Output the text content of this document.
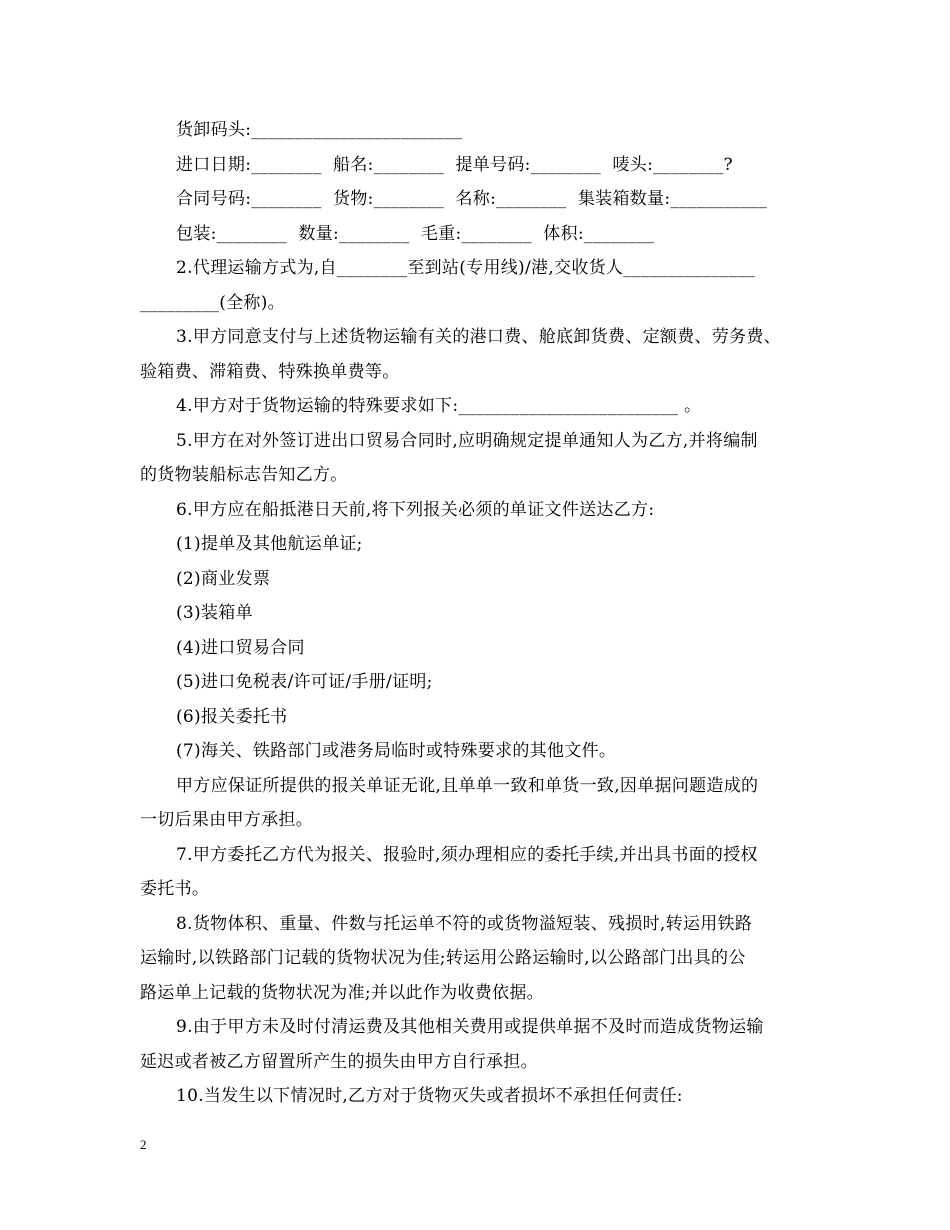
货卸码头:________________________
进口日期:________  船名:________  提单号码:________  唛头:________?
合同号码:________  货物:________  名称:________  集装箱数量:___________
包装:________  数量:________  毛重:________  体积:________
2.代理运输方式为,自________至到站(专用线)/港,交收货人_______________
_________(全称)。
3.甲方同意支付与上述货物运输有关的港口费、舱底卸货费、定额费、劳务费、
验箱费、滞箱费、特殊换单费等。
4.甲方对于货物运输的特殊要求如下:_________________________ 。
5.甲方在对外签订进出口贸易合同时,应明确规定提单通知人为乙方,并将编制
的货物装船标志告知乙方。
6.甲方应在船抵港日天前,将下列报关必须的单证文件送达乙方:
(1)提单及其他航运单证;
(2)商业发票
(3)装箱单
(4)进口贸易合同
(5)进口免税表/许可证/手册/证明;
(6)报关委托书
(7)海关、铁路部门或港务局临时或特殊要求的其他文件。
甲方应保证所提供的报关单证无讹,且单单一致和单货一致,因单据问题造成的
一切后果由甲方承担。
7.甲方委托乙方代为报关、报验时,须办理相应的委托手续,并出具书面的授权
委托书。
8.货物体积、重量、件数与托运单不符的或货物溢短装、残损时,转运用铁路
运输时,以铁路部门记载的货物状况为佳;转运用公路运输时,以公路部门出具的公
路运单上记载的货物状况为准;并以此作为收费依据。
9.由于甲方未及时付清运费及其他相关费用或提供单据不及时而造成货物运输
延迟或者被乙方留置所产生的损失由甲方自行承担。
10.当发生以下情况时,乙方对于货物灭失或者损坏不承担任何责任:
2
